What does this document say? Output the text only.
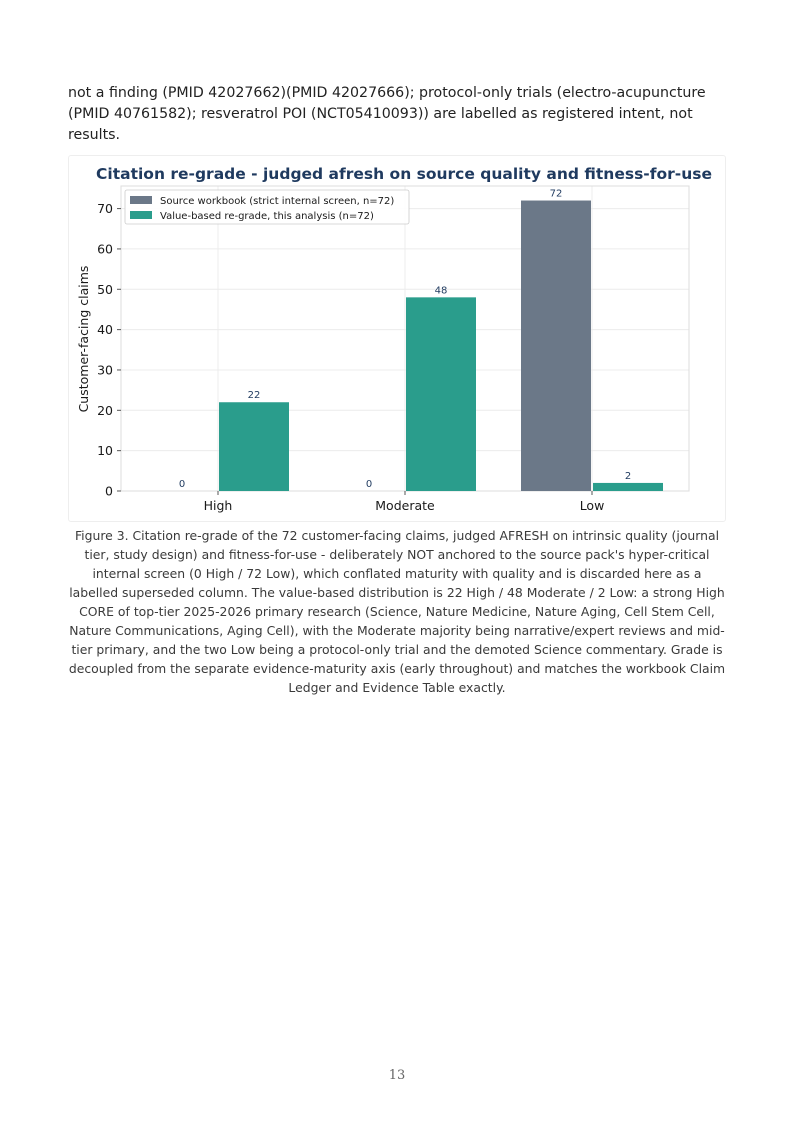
not a finding (PMID 42027662)(PMID 42027666); protocol-only trials (electro-acupuncture (PMID 40761582); resveratrol POI (NCT05410093)) are labelled as registered intent, not results.

Citation re-grade - judged afresh on source quality and fitness-for-use
0	0
72
22
48
2
0
10
20
30
40
50
60
70
High	Moderate	Low
Customer-facing claims
Source workbook (strict internal screen, n=72)
Value-based re-grade, this analysis (n=72)

Figure 3. Citation re-grade of the 72 customer-facing claims, judged AFRESH on intrinsic quality (journal tier, study design) and fitness-for-use - deliberately NOT anchored to the source pack's hyper-critical internal screen (0 High / 72 Low), which conflated maturity with quality and is discarded here as a labelled superseded column. The value-based distribution is 22 High / 48 Moderate / 2 Low: a strong High CORE of top-tier 2025-2026 primary research (Science, Nature Medicine, Nature Aging, Cell Stem Cell, Nature Communications, Aging Cell), with the Moderate majority being narrative/expert reviews and mid-tier primary, and the two Low being a protocol-only trial and the demoted Science commentary. Grade is decoupled from the separate evidence-maturity axis (early throughout) and matches the workbook Claim Ledger and Evidence Table exactly.

13
